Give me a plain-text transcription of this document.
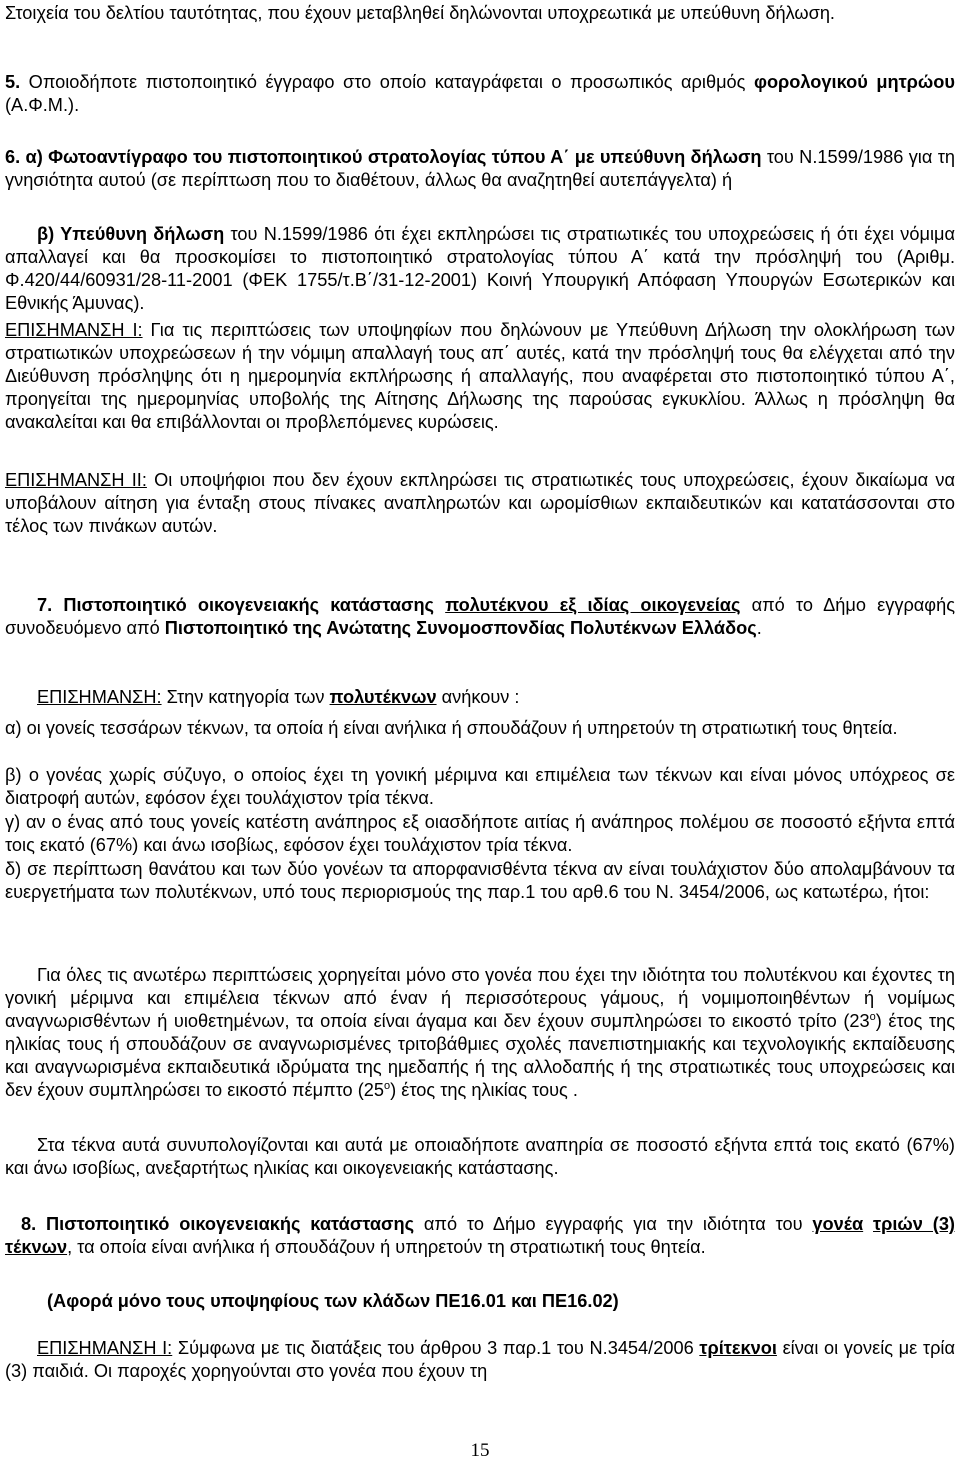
Στοιχεία του δελτίου ταυτότητας, που έχουν μεταβληθεί δηλώνονται υποχρεωτικά με υπεύθυνη δήλωση.

5. Οποιοδήποτε πιστοποιητικό έγγραφο στο οποίο καταγράφεται ο προσωπικός αριθμός φορολογικού μητρώου (Α.Φ.Μ.).

6. α) Φωτοαντίγραφο του πιστοποιητικού στρατολογίας τύπου Α΄ με υπεύθυνη δήλωση του Ν.1599/1986 για τη γνησιότητα αυτού (σε περίπτωση που το διαθέτουν, άλλως θα αναζητηθεί αυτεπάγγελτα) ή

β) Υπεύθυνη δήλωση του Ν.1599/1986 ότι έχει εκπληρώσει τις στρατιωτικές του υποχρεώσεις ή ότι έχει νόμιμα απαλλαγεί και θα προσκομίσει το πιστοποιητικό στρατολογίας τύπου Α΄ κατά την πρόσληψή του (Αριθμ. Φ.420/44/60931/28-11-2001 (ΦΕΚ 1755/τ.Β΄/31-12-2001) Κοινή Υπουργική Απόφαση Υπουργών Εσωτερικών και Εθνικής Άμυνας).

ΕΠΙΣΗΜΑΝΣΗ Ι: Για τις περιπτώσεις των υποψηφίων που δηλώνουν με Υπεύθυνη Δήλωση την ολοκλήρωση των στρατιωτικών υποχρεώσεων ή την νόμιμη απαλλαγή τους απ΄ αυτές, κατά την πρόσληψή τους θα ελέγχεται από την Διεύθυνση πρόσληψης ότι η ημερομηνία εκπλήρωσης ή απαλλαγής, που αναφέρεται στο πιστοποιητικό τύπου Α΄, προηγείται της ημερομηνίας υποβολής της Αίτησης Δήλωσης της παρούσας εγκυκλίου. Άλλως η πρόσληψη θα ανακαλείται και θα επιβάλλονται οι προβλεπόμενες κυρώσεις.

ΕΠΙΣΗΜΑΝΣΗ ΙΙ: Οι υποψήφιοι που δεν έχουν εκπληρώσει τις στρατιωτικές τους υποχρεώσεις, έχουν δικαίωμα να υποβάλουν αίτηση για ένταξη στους πίνακες αναπληρωτών και ωρομίσθιων εκπαιδευτικών και κατατάσσονται στο τέλος των πινάκων αυτών.

7. Πιστοποιητικό οικογενειακής κατάστασης πολυτέκνου εξ ιδίας οικογενείας από το Δήμο εγγραφής συνοδευόμενο από Πιστοποιητικό της Ανώτατης Συνομοσπονδίας Πολυτέκνων Ελλάδος.

ΕΠΙΣΗΜΑΝΣΗ: Στην κατηγορία των πολυτέκνων ανήκουν :

α) οι γονείς τεσσάρων τέκνων, τα οποία ή είναι ανήλικα ή σπουδάζουν ή υπηρετούν τη στρατιωτική τους θητεία.

β) ο γονέας χωρίς σύζυγο, ο οποίος έχει τη γονική μέριμνα και επιμέλεια των τέκνων και είναι μόνος υπόχρεος σε διατροφή αυτών, εφόσον έχει τουλάχιστον τρία τέκνα.

γ) αν ο ένας από τους γονείς κατέστη ανάπηρος εξ οιασδήποτε αιτίας ή ανάπηρος πολέμου σε ποσοστό εξήντα επτά τοις εκατό (67%) και άνω ισοβίως, εφόσον έχει τουλάχιστον τρία τέκνα.

δ) σε περίπτωση θανάτου και των δύο γονέων τα απορφανισθέντα τέκνα αν είναι τουλάχιστον δύο απολαμβάνουν τα ευεργετήματα των πολυτέκνων, υπό τους περιορισμούς της παρ.1 του αρθ.6 του Ν. 3454/2006, ως κατωτέρω, ήτοι:

Για όλες τις ανωτέρω περιπτώσεις χορηγείται μόνο στο γονέα που έχει την ιδιότητα του πολυτέκνου και έχοντες τη γονική μέριμνα και επιμέλεια τέκνων από έναν ή περισσότερους γάμους, ή νομιμοποιηθέντων ή νομίμως αναγνωρισθέντων ή υιοθετημένων, τα οποία είναι άγαμα και δεν έχουν συμπληρώσει το εικοστό τρίτο $(23^o)$ έτος της ηλικίας τους ή σπουδάζουν σε αναγνωρισμένες τριτοβάθμιες σχολές πανεπιστημιακής και τεχνολογικής εκπαίδευσης και αναγνωρισμένα εκπαιδευτικά ιδρύματα της ημεδαπής ή της αλλοδαπής ή της στρατιωτικές τους υποχρεώσεις και δεν έχουν συμπληρώσει το εικοστό πέμπτο $(25^o)$ έτος της ηλικίας τους .

Στα τέκνα αυτά συνυπολογίζονται και αυτά με οποιαδήποτε αναπηρία σε ποσοστό εξήντα επτά τοις εκατό (67%) και άνω ισοβίως, ανεξαρτήτως ηλικίας και οικογενειακής κατάστασης.

8. Πιστοποιητικό οικογενειακής κατάστασης από το Δήμο εγγραφής για την ιδιότητα του γονέα τριών (3) τέκνων, τα οποία είναι ανήλικα ή σπουδάζουν ή υπηρετούν τη στρατιωτική τους θητεία.

(Αφορά μόνο τους υποψηφίους των κλάδων ΠΕ16.01 και ΠΕ16.02)

ΕΠΙΣΗΜΑΝΣΗ Ι: Σύμφωνα με τις διατάξεις του άρθρου 3 παρ.1 του Ν.3454/2006 τρίτεκνοι είναι οι γονείς με τρία (3) παιδιά. Οι παροχές χορηγούνται στο γονέα που έχουν τη

15
